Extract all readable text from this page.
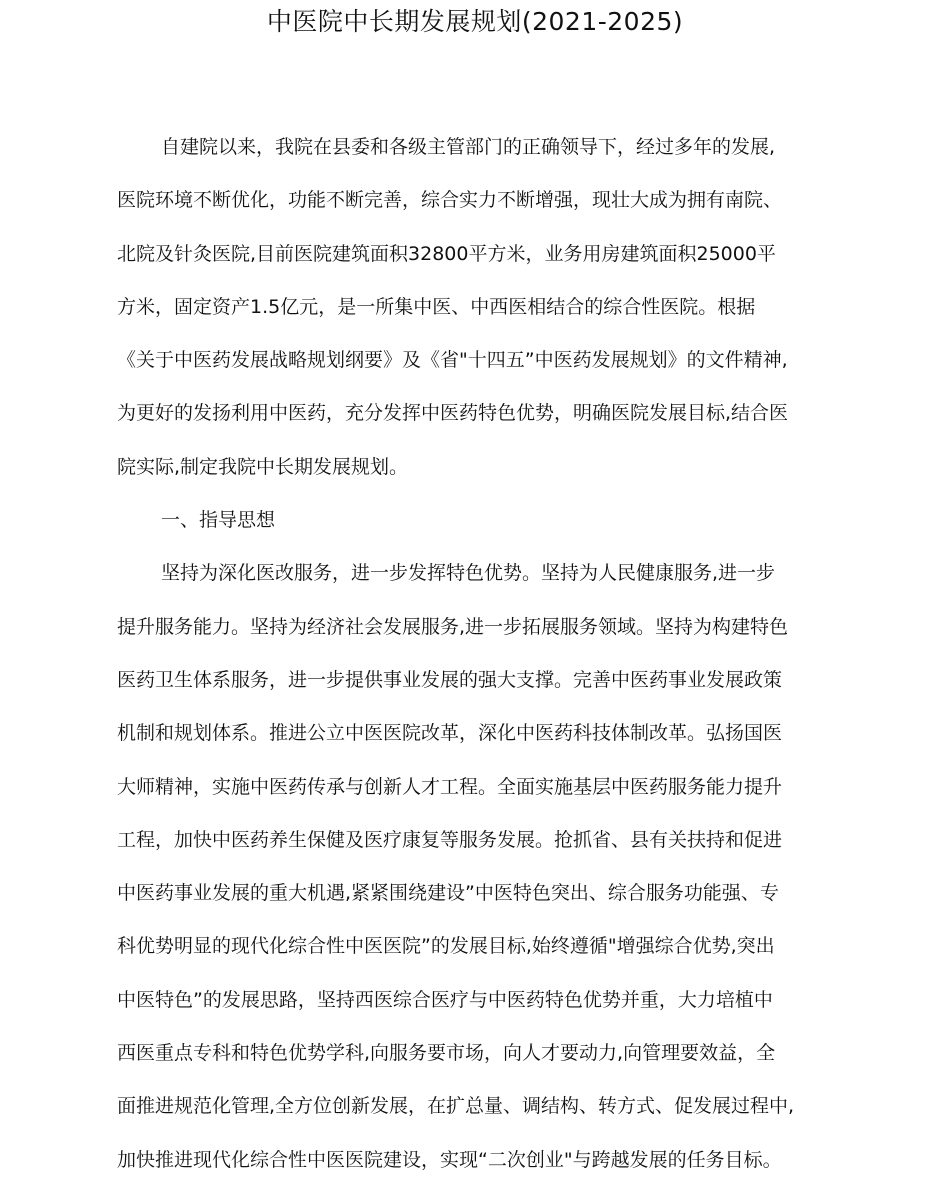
中医院中长期发展规划(2021-2025)
自建院以来，我院在县委和各级主管部门的正确领导下，经过多年的发展,
医院环境不断优化，功能不断完善，综合实力不断增强，现壮大成为拥有南院、
北院及针灸医院,目前医院建筑面积32800平方米，业务用房建筑面积25000平
方米，固定资产1.5亿元，是一所集中医、中西医相结合的综合性医院。根据
《关于中医药发展战略规划纲要》及《省"十四五”中医药发展规划》的文件精神,
为更好的发扬利用中医药，充分发挥中医药特色优势，明确医院发展目标,结合医
院实际,制定我院中长期发展规划。
一、指导思想
坚持为深化医改服务，进一步发挥特色优势。坚持为人民健康服务,进一步
提升服务能力。坚持为经济社会发展服务,进一步拓展服务领域。坚持为构建特色
医药卫生体系服务，进一步提供事业发展的强大支撑。完善中医药事业发展政策
机制和规划体系。推进公立中医医院改革，深化中医药科技体制改革。弘扬国医
大师精神，实施中医药传承与创新人才工程。全面实施基层中医药服务能力提升
工程，加快中医药养生保健及医疗康复等服务发展。抢抓省、县有关扶持和促进
中医药事业发展的重大机遇,紧紧围绕建设”中医特色突出、综合服务功能强、专
科优势明显的现代化综合性中医医院”的发展目标,始终遵循"增强综合优势,突出
中医特色”的发展思路，坚持西医综合医疗与中医药特色优势并重，大力培植中
西医重点专科和特色优势学科,向服务要市场，向人才要动力,向管理要效益，全
面推进规范化管理,全方位创新发展，在扩总量、调结构、转方式、促发展过程中,
加快推进现代化综合性中医医院建设，实现“二次创业"与跨越发展的任务目标。
